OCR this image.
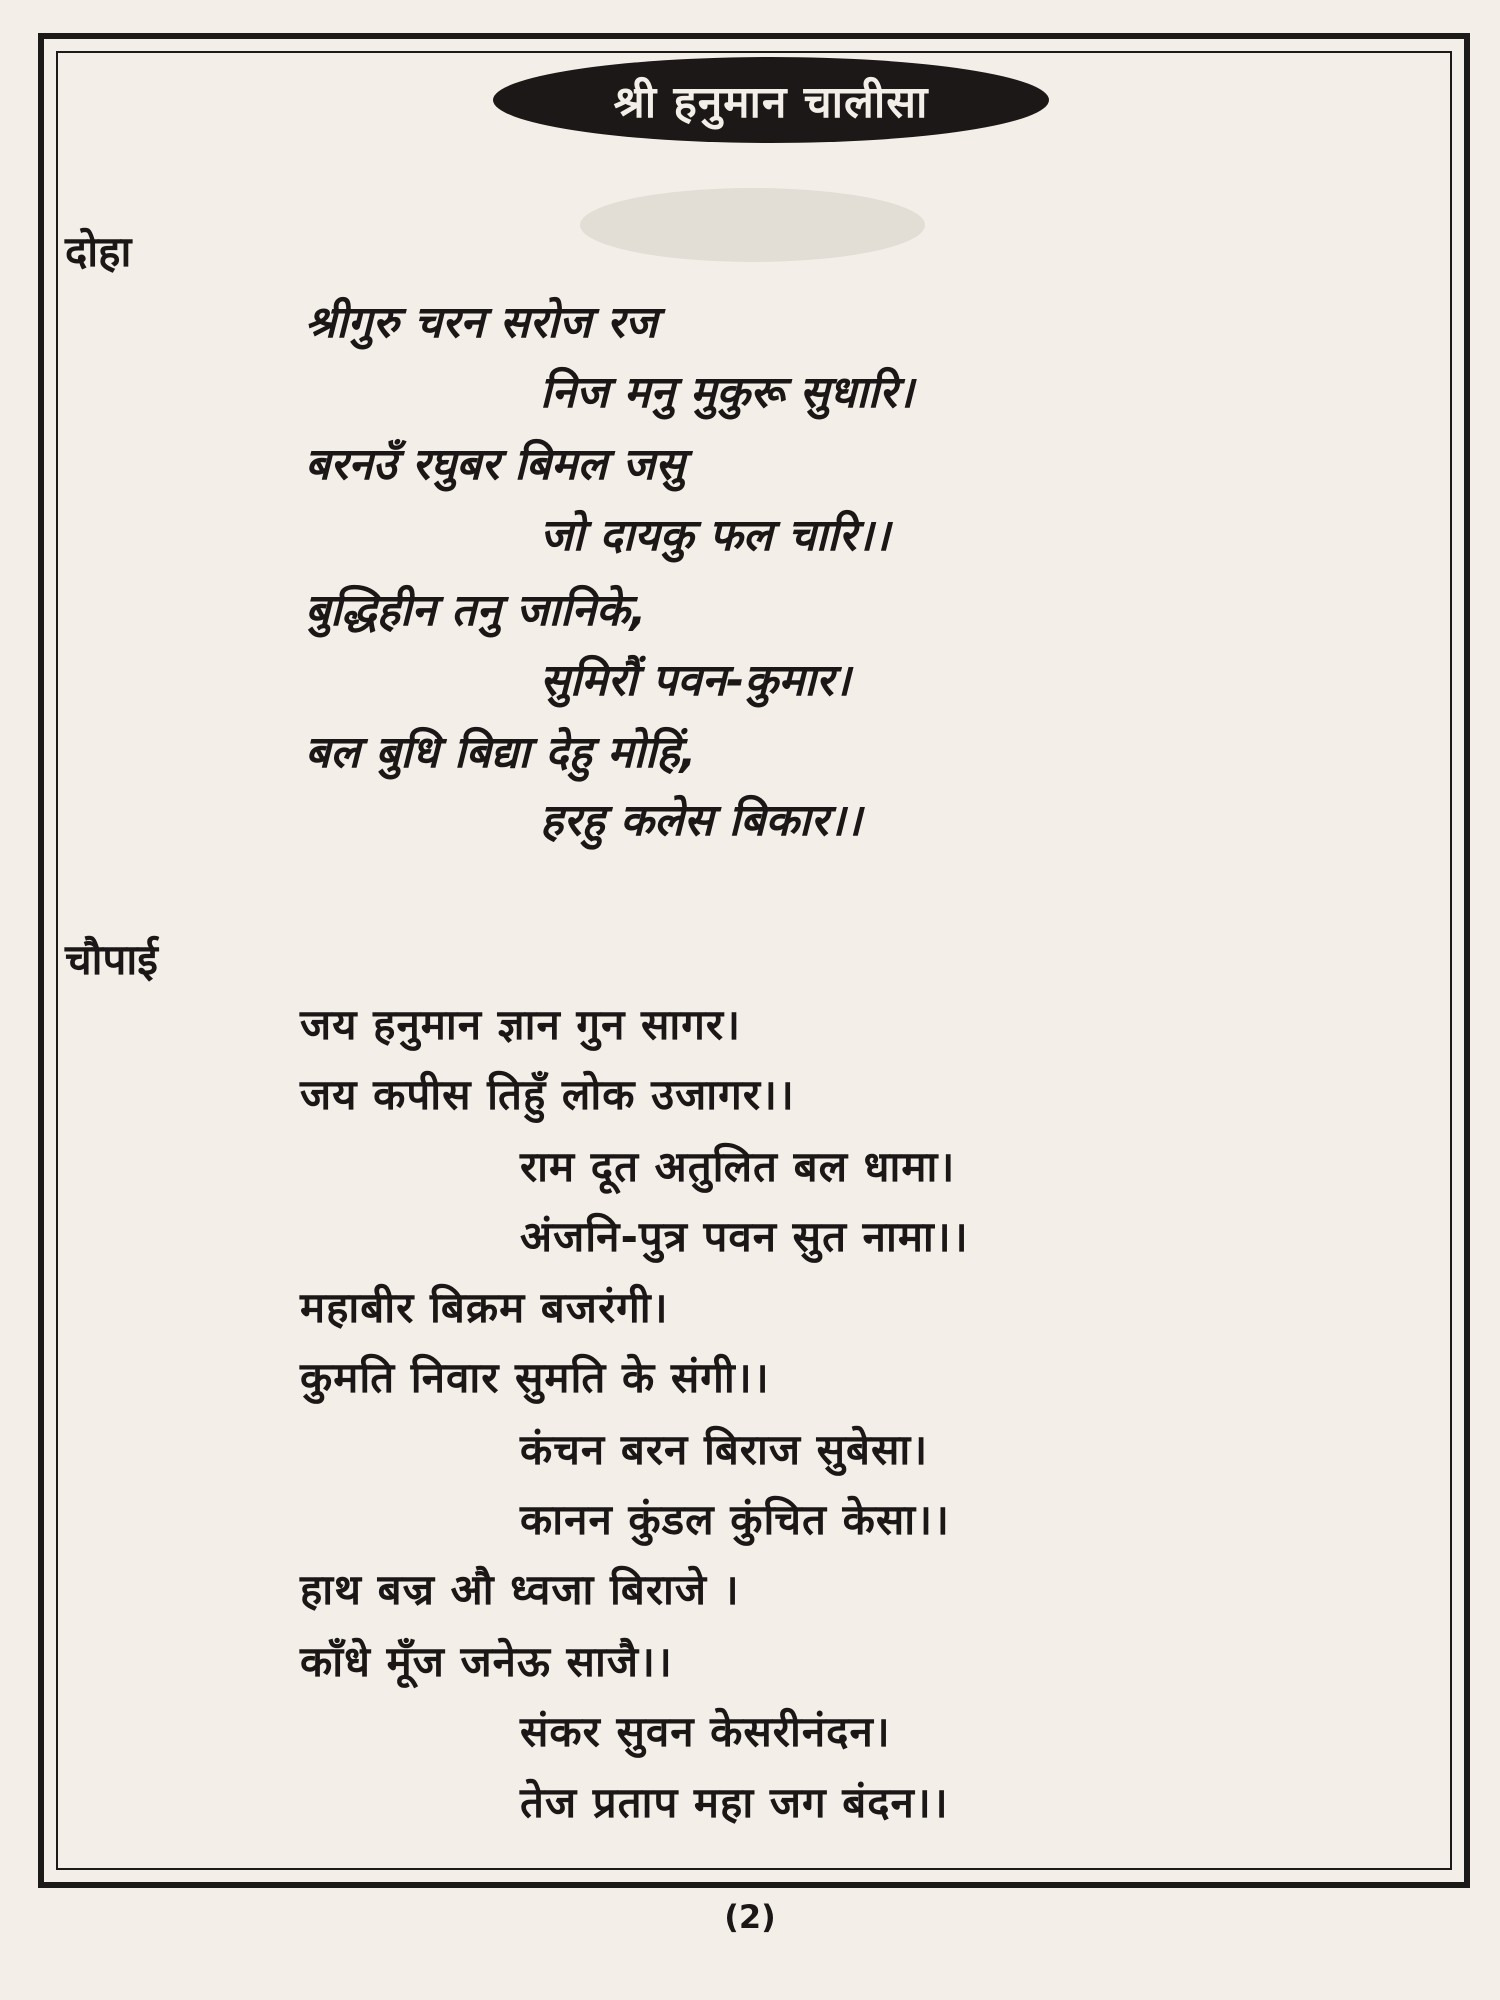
श्री हनुमान चालीसा
दोहा
श्रीगुरु चरन सरोज रज
निज मनु मुकुरू सुधारि।
बरनउँ रघुबर बिमल जसु
जो दायकु फल चारि।।
बुद्धिहीन तनु जानिके,
सुमिरौं पवन-कुमार।
बल बुधि बिद्या देहु मोहिं,
हरहु कलेस बिकार।।
चौपाई
जय हनुमान ज्ञान गुन सागर।
जय कपीस तिहुँ लोक उजागर।।
राम दूत अतुलित बल धामा।
अंजनि-पुत्र पवन सुत नामा।।
महाबीर बिक्रम बजरंगी।
कुमति निवार सुमति के संगी।।
कंचन बरन बिराज सुबेसा।
कानन कुंडल कुंचित केसा।।
हाथ बज्र औ ध्वजा बिराजे ।
काँधे मूँज जनेऊ साजै।।
संकर सुवन केसरीनंदन।
तेज प्रताप महा जग बंदन।।
(2)
